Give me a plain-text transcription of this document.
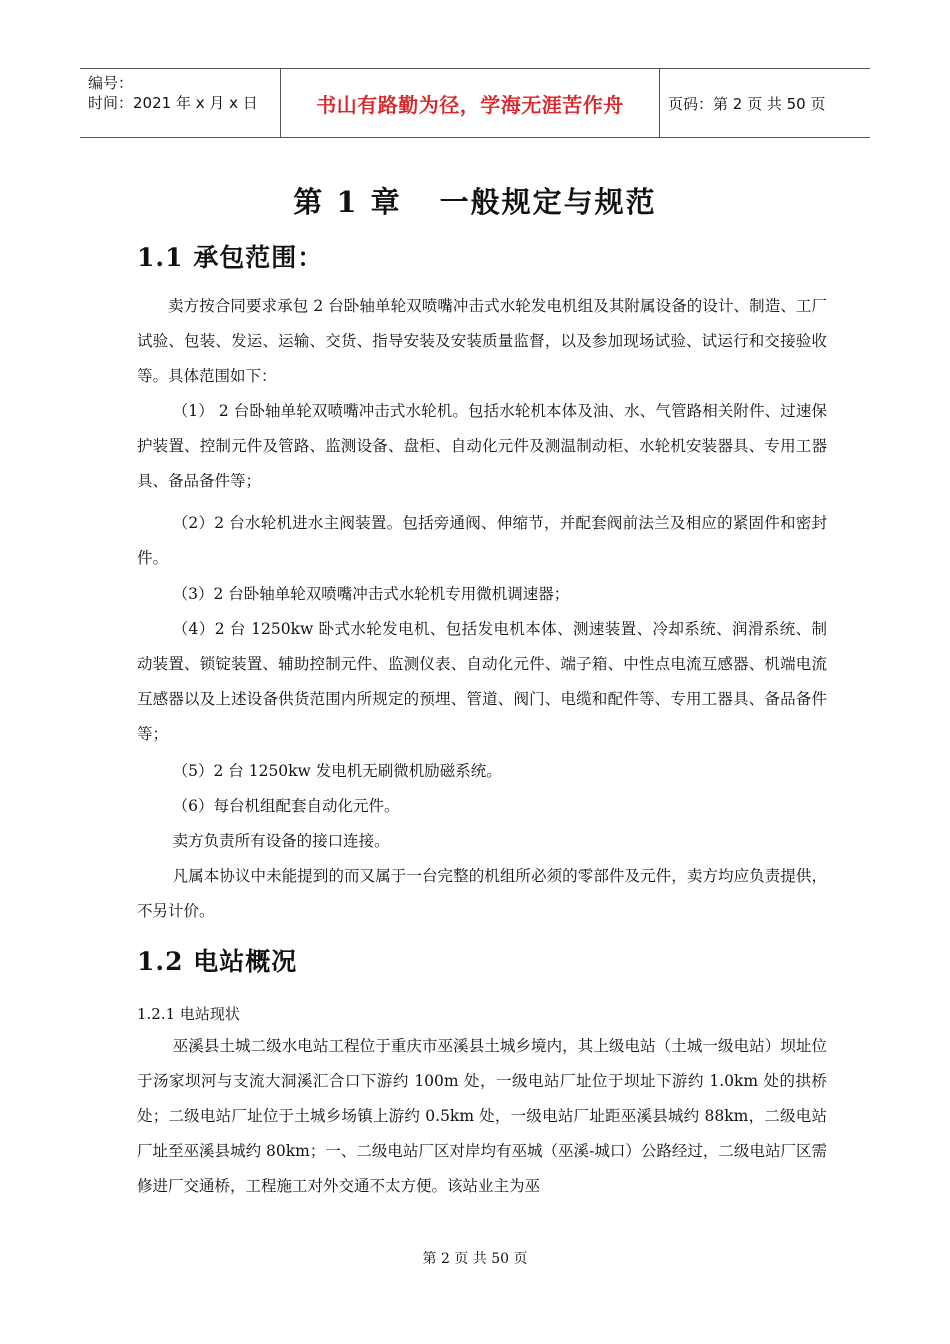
编号：
时间：2021 年 x 月 x 日	书山有路勤为径，学海无涯苦作舟	页码：第 2 页 共 50 页
第 1 章 一般规定与规范
1.1 承包范围：
卖方按合同要求承包 2 台卧轴单轮双喷嘴冲击式水轮发电机组及其附属设备的设计、制造、工厂试验、包装、发运、运输、交货、指导安装及安装质量监督，以及参加现场试验、试运行和交接验收等。具体范围如下：
（1） 2 台卧轴单轮双喷嘴冲击式水轮机。包括水轮机本体及油、水、气管路相关附件、过速保护装置、控制元件及管路、监测设备、盘柜、自动化元件及测温制动柜、水轮机安装器具、专用工器具、备品备件等；
（2）2 台水轮机进水主阀装置。包括旁通阀、伸缩节，并配套阀前法兰及相应的紧固件和密封件。
（3）2 台卧轴单轮双喷嘴冲击式水轮机专用微机调速器；
（4）2 台 1250kw 卧式水轮发电机、包括发电机本体、测速装置、冷却系统、润滑系统、制动装置、锁锭装置、辅助控制元件、监测仪表、自动化元件、端子箱、中性点电流互感器、机端电流互感器以及上述设备供货范围内所规定的预埋、管道、阀门、电缆和配件等、专用工器具、备品备件等；
（5）2 台 1250kw 发电机无刷微机励磁系统。
（6）每台机组配套自动化元件。
卖方负责所有设备的接口连接。
凡属本协议中未能提到的而又属于一台完整的机组所必须的零部件及元件，卖方均应负责提供，不另计价。
1.2 电站概况
1.2.1 电站现状
巫溪县土城二级水电站工程位于重庆市巫溪县土城乡境内，其上级电站（土城一级电站）坝址位于汤家坝河与支流大洞溪汇合口下游约 100m 处，一级电站厂址位于坝址下游约 1.0km 处的拱桥处；二级电站厂址位于土城乡场镇上游约 0.5km 处，一级电站厂址距巫溪县城约 88km，二级电站厂址至巫溪县城约 80km；一、二级电站厂区对岸均有巫城（巫溪-城口）公路经过，二级电站厂区需修进厂交通桥，工程施工对外交通不太方便。该站业主为巫
第 2 页 共 50 页
